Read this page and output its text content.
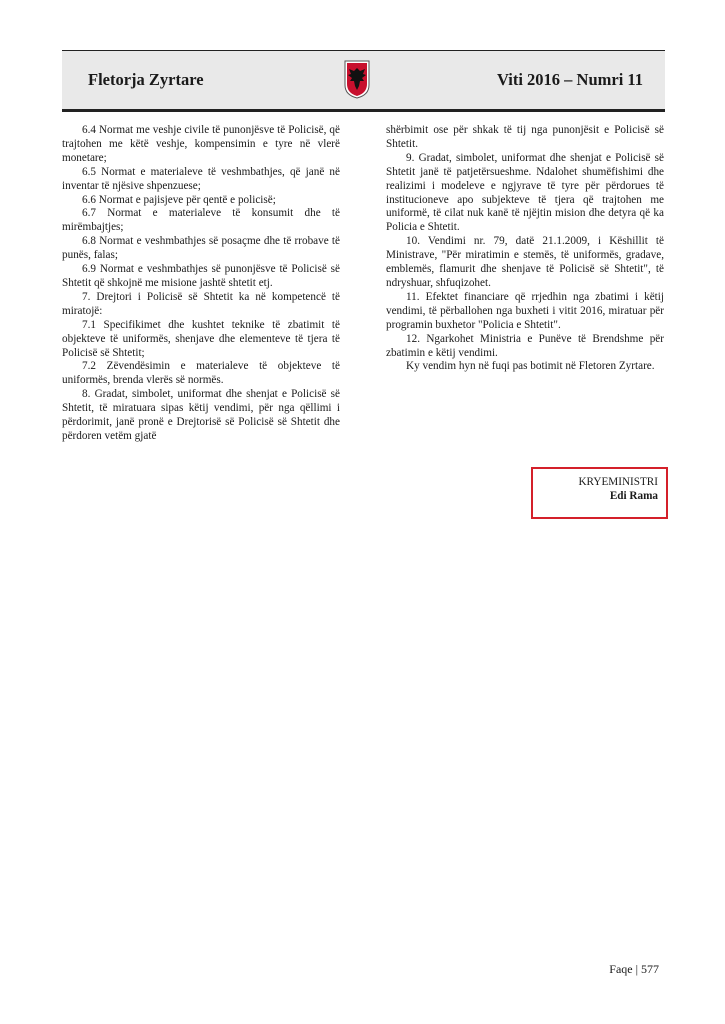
Fletorja Zyrtare	Viti 2016 – Numri 11

6.4 Normat me veshje civile të punonjësve të Policisë, që trajtohen me këtë veshje, kompensimin e tyre në vlerë monetare;

6.5 Normat e materialeve të veshmbathjes, që janë në inventar të njësive shpenzuese;

6.6 Normat e pajisjeve për qentë e policisë;

6.7 Normat e materialeve të konsumit dhe të mirëmbajtjes;

6.8 Normat e veshmbathjes së posaçme dhe të rrobave të punës, falas;

6.9 Normat e veshmbathjes së punonjësve të Policisë së Shtetit që shkojnë me misione jashtë shtetit etj.

7. Drejtori i Policisë së Shtetit ka në kompetencë të miratojë:

7.1 Specifikimet dhe kushtet teknike të zbatimit të objekteve të uniformës, shenjave dhe elementeve të tjera të Policisë së Shtetit;

7.2 Zëvendësimin e materialeve të objekteve të uniformës, brenda vlerës së normës.

8. Gradat, simbolet, uniformat dhe shenjat e Policisë së Shtetit, të miratuara sipas këtij vendimi, për nga qëllimi i përdorimit, janë pronë e Drejtorisë së Policisë së Shtetit dhe përdoren vetëm gjatë

shërbimit ose për shkak të tij nga punonjësit e Policisë së Shtetit.

9. Gradat, simbolet, uniformat dhe shenjat e Policisë së Shtetit janë të patjetërsueshme. Ndalohet shumëfishimi dhe realizimi i modeleve e ngjyrave të tyre për përdorues të institucioneve apo subjekteve të tjera që trajtohen me uniformë, të cilat nuk kanë të njëjtin mision dhe detyra që ka Policia e Shtetit.

10. Vendimi nr. 79, datë 21.1.2009, i Këshillit të Ministrave, "Për miratimin e stemës, të uniformës, gradave, emblemës, flamurit dhe shenjave të Policisë së Shtetit", të ndryshuar, shfuqizohet.

11. Efektet financiare që rrjedhin nga zbatimi i këtij vendimi, të përballohen nga buxheti i vitit 2016, miratuar për programin buxhetor "Policia e Shtetit".

12. Ngarkohet Ministria e Punëve të Brendshme për zbatimin e këtij vendimi.

Ky vendim hyn në fuqi pas botimit në Fletoren Zyrtare.

KRYEMINISTRI
Edi Rama
Faqe | 577
